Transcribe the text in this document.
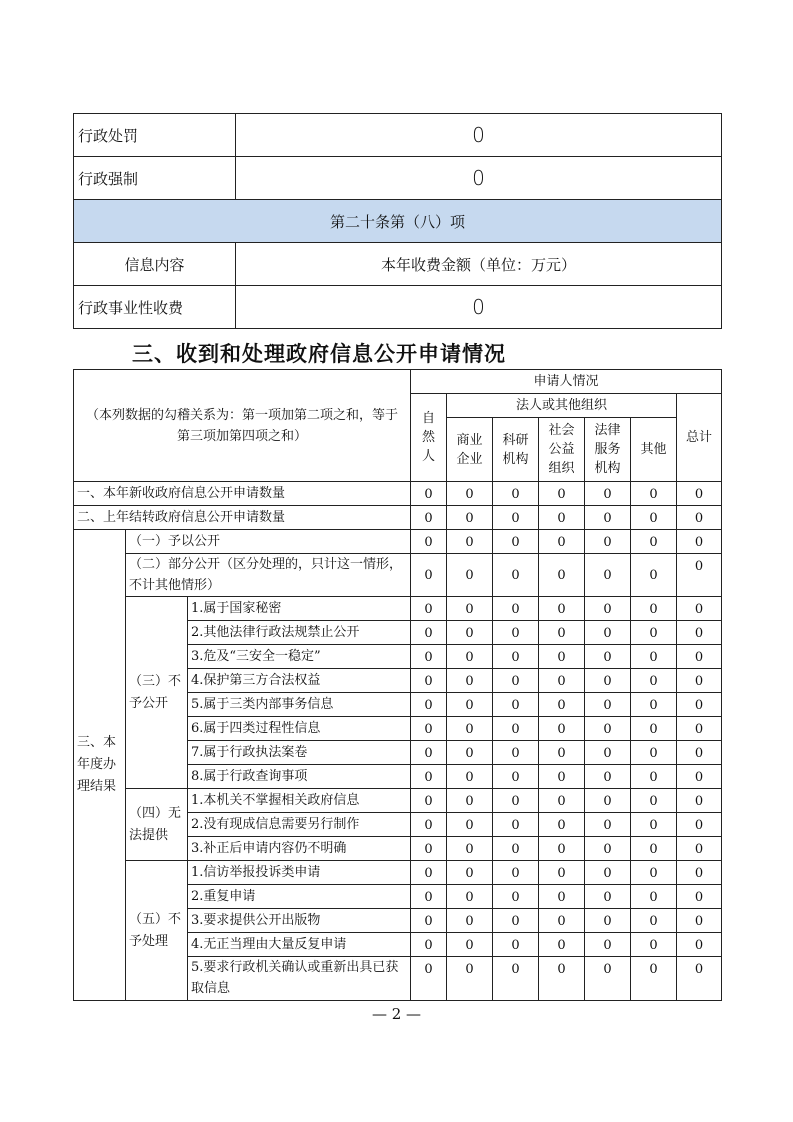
行政处罚	0
行政强制	0
第二十条第（八）项	
信息内容	本年收费金额（单位：万元）
行政事业性收费	0
三、收到和处理政府信息公开申请情况
（本列数据的勾稽关系为：第一项加第二项之和，等于第三项加第四项之和）			申请人情况						
			自然人	法人或其他组织					总计
				商业企业	科研机构	社会公益组织	法律服务机构	其他	
一、本年新收政府信息公开申请数量			0	0	0	0	0	0	0
二、上年结转政府信息公开申请数量			0	0	0	0	0	0	0
三、本年度办理结果	（一）予以公开		0	0	0	0	0	0	0
	（二）部分公开（区分处理的，只计这一情形，不计其他情形）		0	0	0	0	0	0	0
	（三）不予公开	1.属于国家秘密	0	0	0	0	0	0	0
		2.其他法律行政法规禁止公开	0	0	0	0	0	0	0
		3.危及“三安全一稳定”	0	0	0	0	0	0	0
		4.保护第三方合法权益	0	0	0	0	0	0	0
		5.属于三类内部事务信息	0	0	0	0	0	0	0
		6.属于四类过程性信息	0	0	0	0	0	0	0
		7.属于行政执法案卷	0	0	0	0	0	0	0
		8.属于行政查询事项	0	0	0	0	0	0	0
	（四）无法提供	1.本机关不掌握相关政府信息	0	0	0	0	0	0	0
		2.没有现成信息需要另行制作	0	0	0	0	0	0	0
		3.补正后申请内容仍不明确	0	0	0	0	0	0	0
	（五）不予处理	1.信访举报投诉类申请	0	0	0	0	0	0	0
		2.重复申请	0	0	0	0	0	0	0
		3.要求提供公开出版物	0	0	0	0	0	0	0
		4.无正当理由大量反复申请	0	0	0	0	0	0	0
		5.要求行政机关确认或重新出具已获取信息	0	0	0	0	0	0	0

— 2 —
